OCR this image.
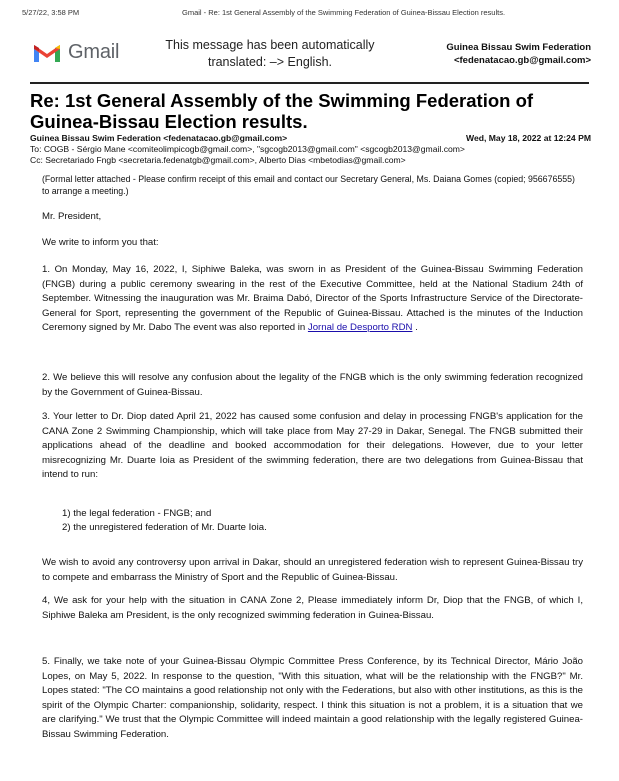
5/27/22, 3:58 PM	Gmail - Re: 1st General Assembly of the Swimming Federation of Guinea-Bissau Election results.
Gmail	This message has been automatically translated: –> English.
Guinea Bissau Swim Federation
<fedenatacao.gb@gmail.com>
Re: 1st General Assembly of the Swimming Federation of Guinea-Bissau Election results.
Guinea Bissau Swim Federation <fedenatacao.gb@gmail.com>	Wed, May 18, 2022 at 12:24 PM
To: COGB - Sérgio Mane <comiteolimpicogb@gmail.com>, "sgcogb2013@gmail.com" <sgcogb2013@gmail.com>
Cc: Secretariado Fngb <secretaria.fedenatgb@gmail.com>, Alberto Dias <mbetodias@gmail.com>
(Formal letter attached - Please confirm receipt of this email and contact our Secretary General, Ms. Daiana Gomes (copied; 956676555) to arrange a meeting.)
Mr. President,
We write to inform you that:
1. On Monday, May 16, 2022, I, Siphiwe Baleka, was sworn in as President of the Guinea-Bissau Swimming Federation (FNGB) during a public ceremony swearing in the rest of the Executive Committee, held at the National Stadium 24th of September. Witnessing the inauguration was Mr. Braima Dabó, Director of the Sports Infrastructure Service of the Directorate-General for Sport, representing the government of the Republic of Guinea-Bissau. Attached is the minutes of the Induction Ceremony signed by Mr. Dabo The event was also reported in Jornal de Desporto RDN .
2. We believe this will resolve any confusion about the legality of the FNGB which is the only swimming federation recognized by the Government of Guinea-Bissau.
3. Your letter to Dr. Diop dated April 21, 2022 has caused some confusion and delay in processing FNGB's application for the CANA Zone 2 Swimming Championship, which will take place from May 27-29 in Dakar, Senegal. The FNGB submitted their applications ahead of the deadline and booked accommodation for their delegations. However, due to your letter misrecognizing Mr. Duarte Ioia as President of the swimming federation, there are two delegations from Guinea-Bissau that intend to run:
1) the legal federation - FNGB; and
2) the unregistered federation of Mr. Duarte Ioia.
We wish to avoid any controversy upon arrival in Dakar, should an unregistered federation wish to represent Guinea-Bissau try to compete and embarrass the Ministry of Sport and the Republic of Guinea-Bissau.
4, We ask for your help with the situation in CANA Zone 2, Please immediately inform Dr, Diop that the FNGB, of which I, Siphiwe Baleka am President, is the only recognized swimming federation in Guinea-Bissau.
5. Finally, we take note of your Guinea-Bissau Olympic Committee Press Conference, by its Technical Director, Mário João Lopes, on May 5, 2022. In response to the question, "With this situation, what will be the relationship with the FNGB?" Mr. Lopes stated: "The CO maintains a good relationship not only with the Federations, but also with other institutions, as this is the spirit of the Olympic Charter: companionship, solidarity, respect. I think this situation is not a problem, it is a situation that we are clarifying." We trust that the Olympic Committee will indeed maintain a good relationship with the legally registered Guinea-Bissau Swimming Federation.
